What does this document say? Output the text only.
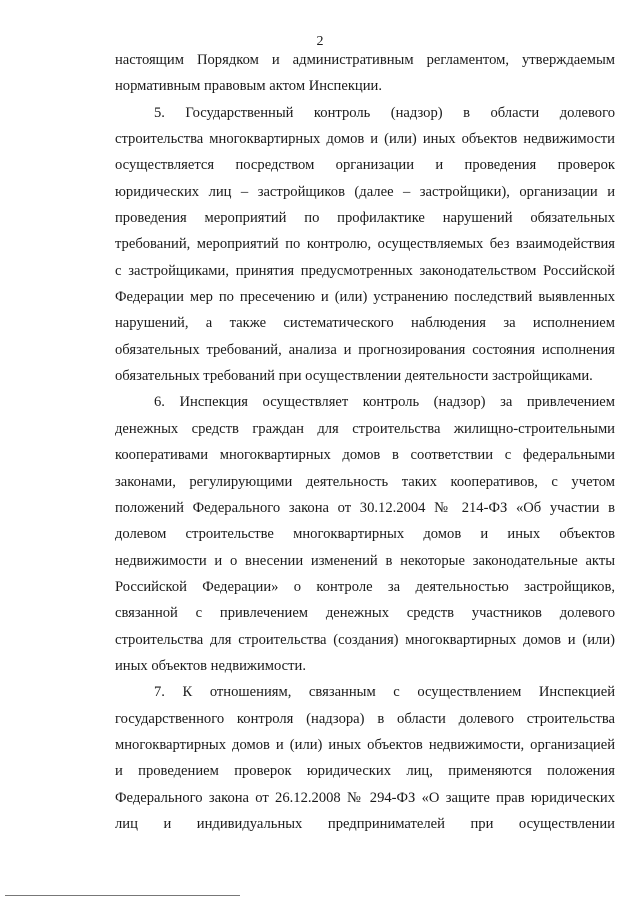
2

настоящим Порядком и административным регламентом, утверждаемым

нормативным правовым актом Инспекции.

5. Государственный контроль (надзор) в области долевого

строительства многоквартирных домов и (или) иных объектов недвижимости

осуществляется посредством организации и проведения проверок

юридических лиц – застройщиков (далее – застройщики), организации и

проведения мероприятий по профилактике нарушений обязательных

требований, мероприятий по контролю, осуществляемых без взаимодействия

с застройщиками, принятия предусмотренных законодательством Российской

Федерации мер по пресечению и (или) устранению последствий выявленных

нарушений, а также систематического наблюдения за исполнением

обязательных требований, анализа и прогнозирования состояния исполнения

обязательных требований при осуществлении деятельности застройщиками.

6. Инспекция осуществляет контроль (надзор) за привлечением

денежных средств граждан для строительства жилищно-строительными

кооперативами многоквартирных домов в соответствии с федеральными

законами, регулирующими деятельность таких кооперативов, с учетом

положений Федерального закона от 30.12.2004 № 214-ФЗ «Об участии в

долевом строительстве многоквартирных домов и иных объектов

недвижимости и о внесении изменений в некоторые законодательные акты

Российской Федерации» о контроле за деятельностью застройщиков,

связанной с привлечением денежных средств участников долевого

строительства для строительства (создания) многоквартирных домов и (или)

иных объектов недвижимости.

7. К отношениям, связанным с осуществлением Инспекцией

государственного контроля (надзора) в области долевого строительства

многоквартирных домов и (или) иных объектов недвижимости, организацией

и проведением проверок юридических лиц, применяются положения

Федерального закона от 26.12.2008 № 294-ФЗ «О защите прав юридических

лиц и индивидуальных предпринимателей при осуществлении
